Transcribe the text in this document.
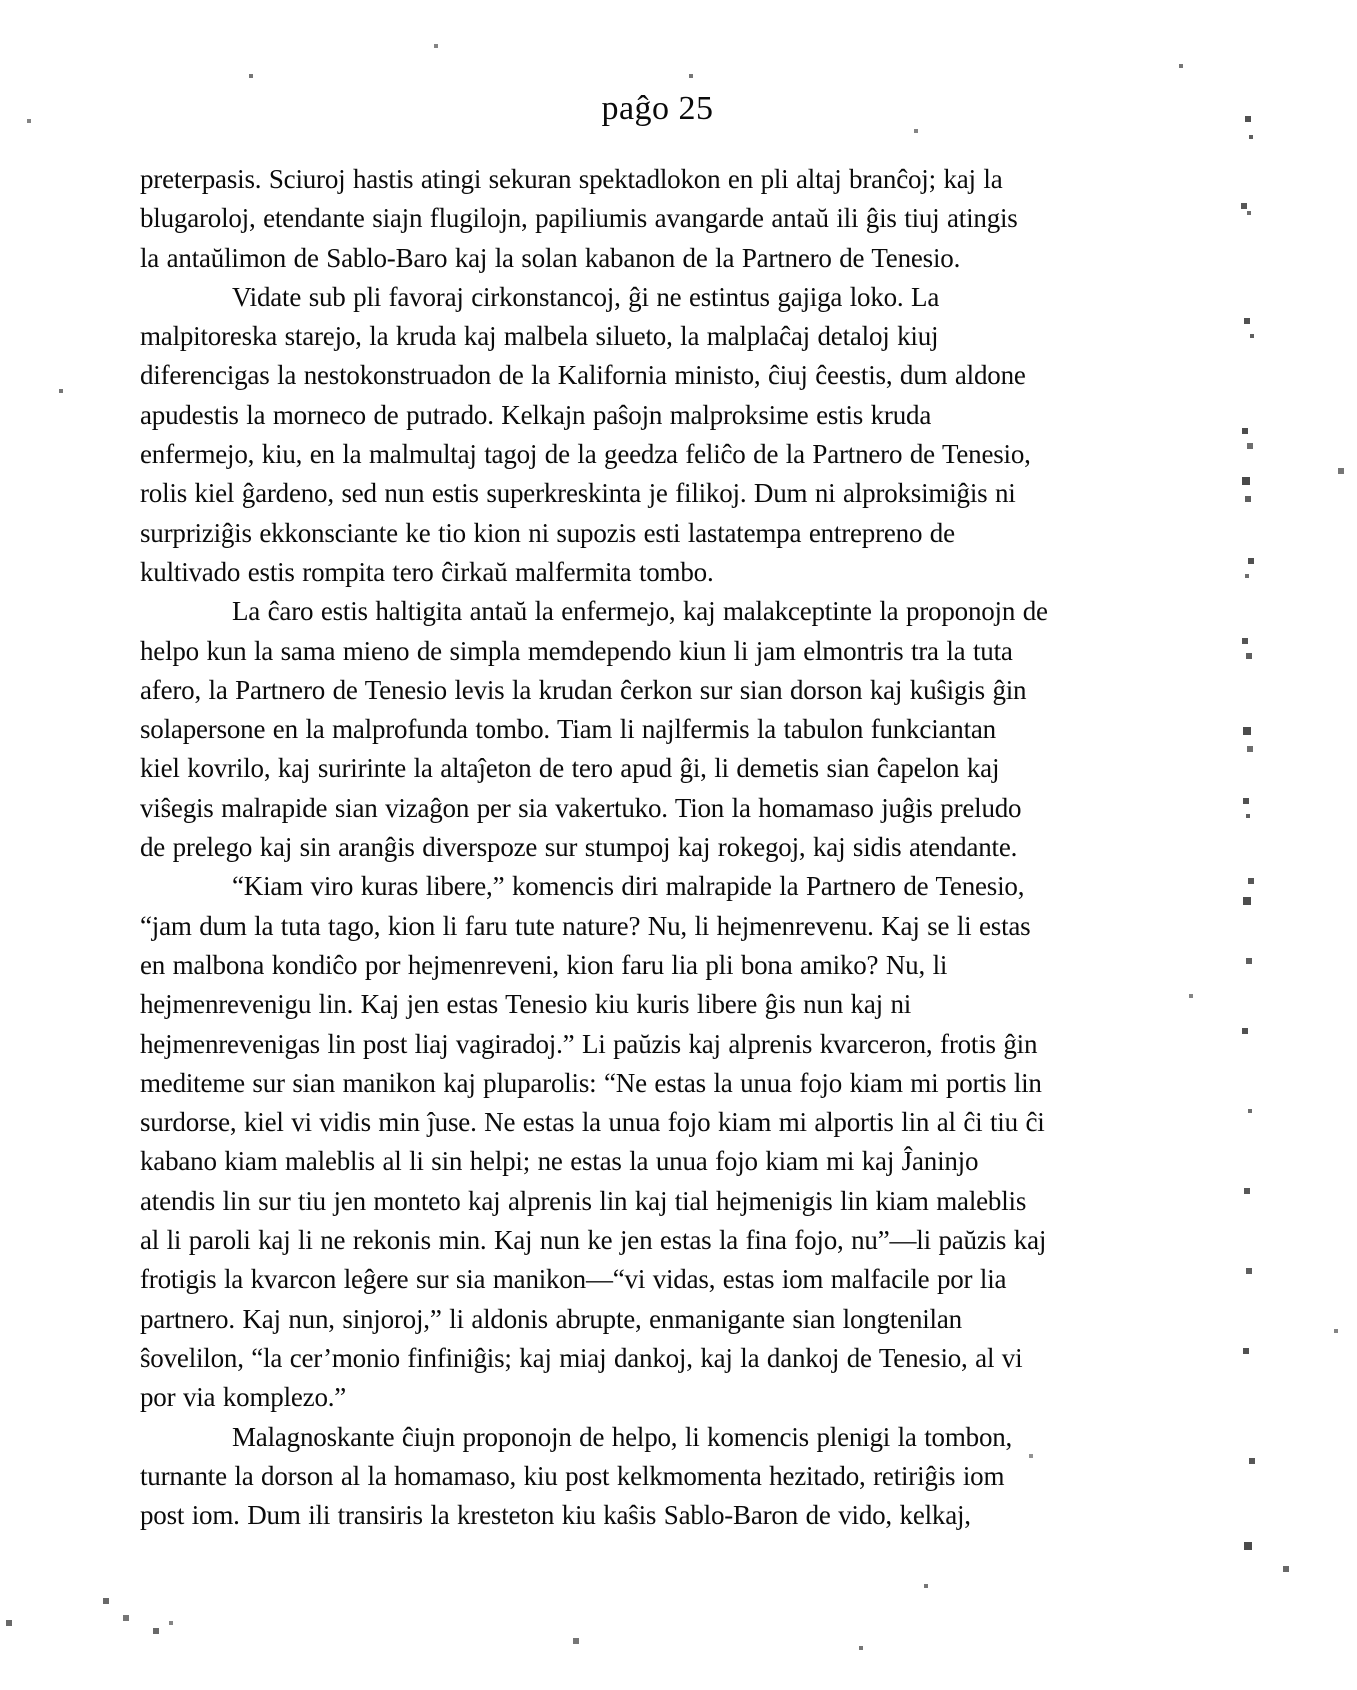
paĝo 25
preterpasis. Sciuroj hastis atingi sekuran spektadlokon en pli altaj branĉoj; kaj la
blugaroloj, etendante siajn flugilojn, papiliumis avangarde antaŭ ili ĝis tiuj atingis
la antaŭlimon de Sablo-Baro kaj la solan kabanon de la Partnero de Tenesio.
Vidate sub pli favoraj cirkonstancoj, ĝi ne estintus gajiga loko. La
malpitoreska starejo, la kruda kaj malbela silueto, la malplaĉaj detaloj kiuj
diferencigas la nestokonstruadon de la Kalifornia ministo, ĉiuj ĉeestis, dum aldone
apudestis la morneco de putrado. Kelkajn paŝojn malproksime estis kruda
enfermejo, kiu, en la malmultaj tagoj de la geedza feliĉo de la Partnero de Tenesio,
rolis kiel ĝardeno, sed nun estis superkreskinta je filikoj. Dum ni alproksimiĝis ni
surpriziĝis ekkonsciante ke tio kion ni supozis esti lastatempa entrepreno de
kultivado estis rompita tero ĉirkaŭ malfermita tombo.
La ĉaro estis haltigita antaŭ la enfermejo, kaj malakceptinte la proponojn de
helpo kun la sama mieno de simpla memdependo kiun li jam elmontris tra la tuta
afero, la Partnero de Tenesio levis la krudan ĉerkon sur sian dorson kaj kuŝigis ĝin
solapersone en la malprofunda tombo. Tiam li najlfermis la tabulon funkciantan
kiel kovrilo, kaj suririnte la altaĵeton de tero apud ĝi, li demetis sian ĉapelon kaj
viŝegis malrapide sian vizaĝon per sia vakertuko. Tion la homamaso juĝis preludo
de prelego kaj sin aranĝis diverspoze sur stumpoj kaj rokegoj, kaj sidis atendante.
“Kiam viro kuras libere,” komencis diri malrapide la Partnero de Tenesio,
“jam dum la tuta tago, kion li faru tute nature? Nu, li hejmenrevenu. Kaj se li estas
en malbona kondiĉo por hejmenreveni, kion faru lia pli bona amiko? Nu, li
hejmenrevenigu lin. Kaj jen estas Tenesio kiu kuris libere ĝis nun kaj ni
hejmenrevenigas lin post liaj vagiradoj.” Li paŭzis kaj alprenis kvarceron, frotis ĝin
mediteme sur sian manikon kaj pluparolis: “Ne estas la unua fojo kiam mi portis lin
surdorse, kiel vi vidis min ĵuse. Ne estas la unua fojo kiam mi alportis lin al ĉi tiu ĉi
kabano kiam maleblis al li sin helpi; ne estas la unua fojo kiam mi kaj Ĵaninjo
atendis lin sur tiu jen monteto kaj alprenis lin kaj tial hejmenigis lin kiam maleblis
al li paroli kaj li ne rekonis min. Kaj nun ke jen estas la fina fojo, nu”—li paŭzis kaj
frotigis la kvarcon leĝere sur sia manikon—“vi vidas, estas iom malfacile por lia
partnero. Kaj nun, sinjoroj,” li aldonis abrupte, enmanigante sian longtenilan
ŝovelilon, “la cer’monio finfiniĝis; kaj miaj dankoj, kaj la dankoj de Tenesio, al vi
por via komplezo.”
Malagnoskante ĉiujn proponojn de helpo, li komencis plenigi la tombon,
turnante la dorson al la homamaso, kiu post kelkmomenta hezitado, retiriĝis iom
post iom. Dum ili transiris la kresteton kiu kaŝis Sablo-Baron de vido, kelkaj,
